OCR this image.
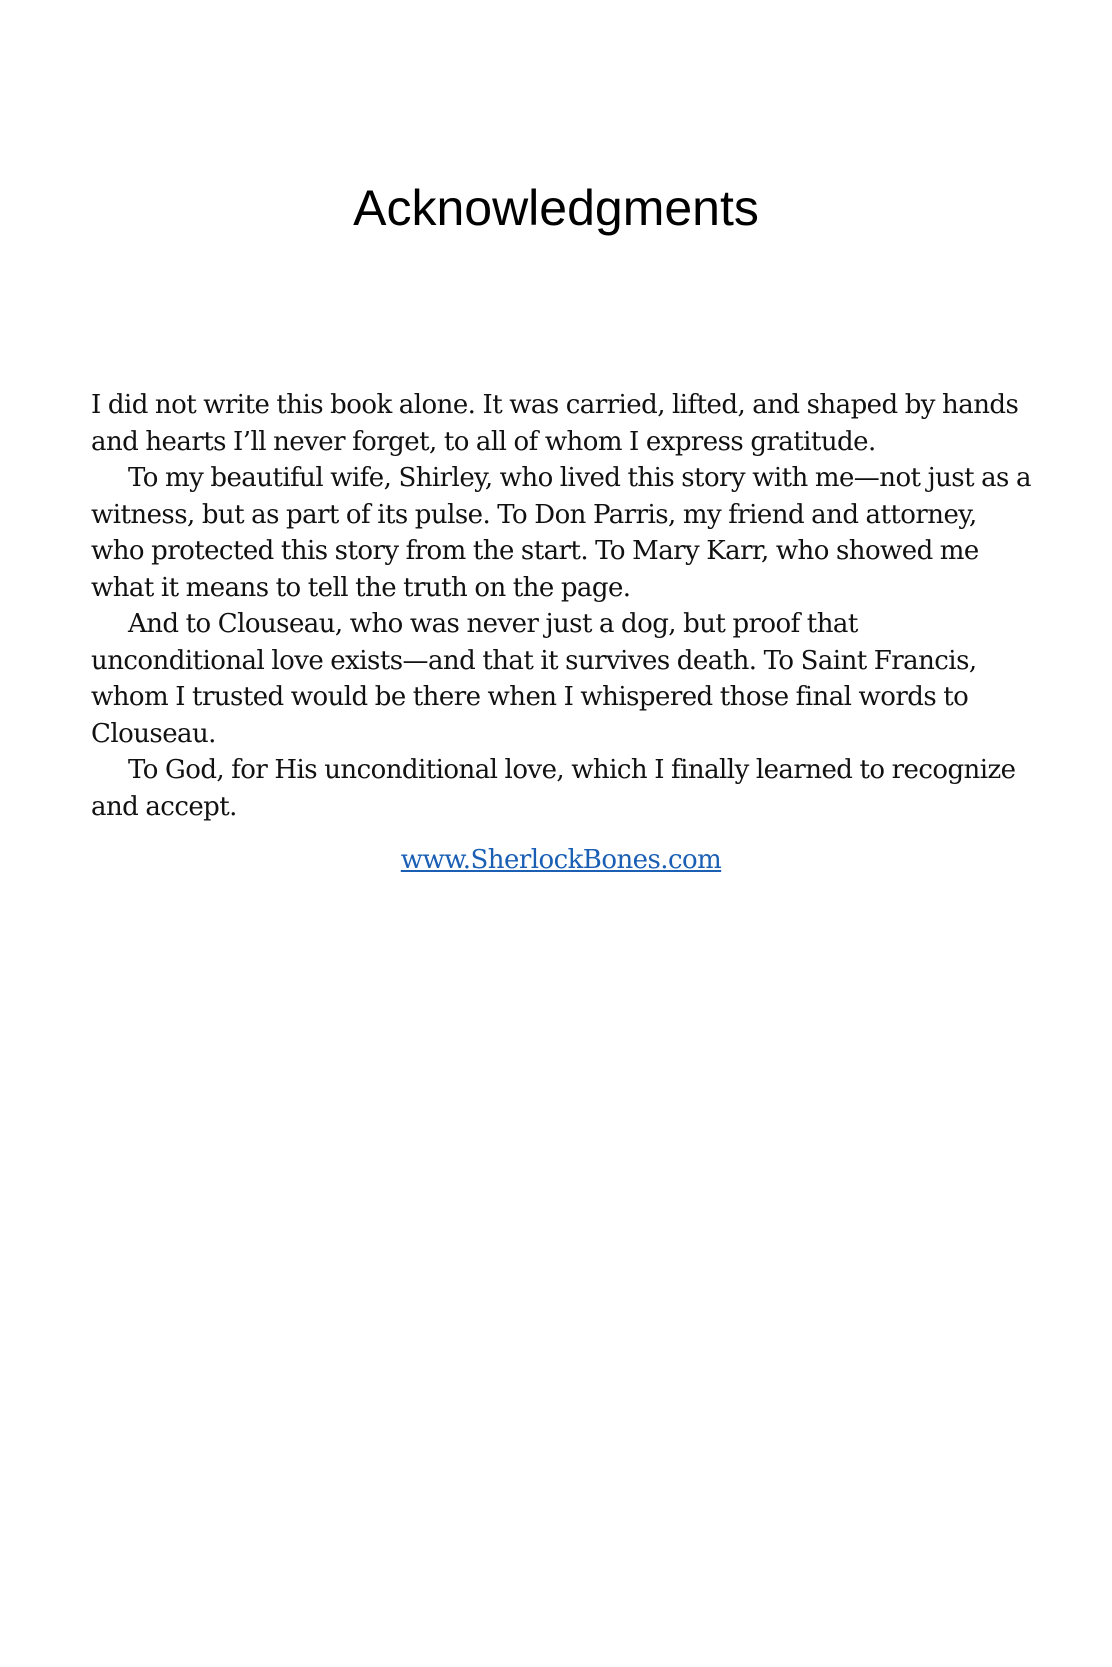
Acknowledgments

I did not write this book alone. It was carried, lifted, and shaped by hands and hearts I’ll never forget, to all of whom I express gratitude.

To my beautiful wife, Shirley, who lived this story with me—not just as a witness, but as part of its pulse. To Don Parris, my friend and attorney, who protected this story from the start. To Mary Karr, who showed me what it means to tell the truth on the page.

And to Clouseau, who was never just a dog, but proof that unconditional love exists—and that it survives death. To Saint Francis, whom I trusted would be there when I whispered those final words to Clouseau.

To God, for His unconditional love, which I finally learned to recognize and accept.

www.SherlockBones.com
